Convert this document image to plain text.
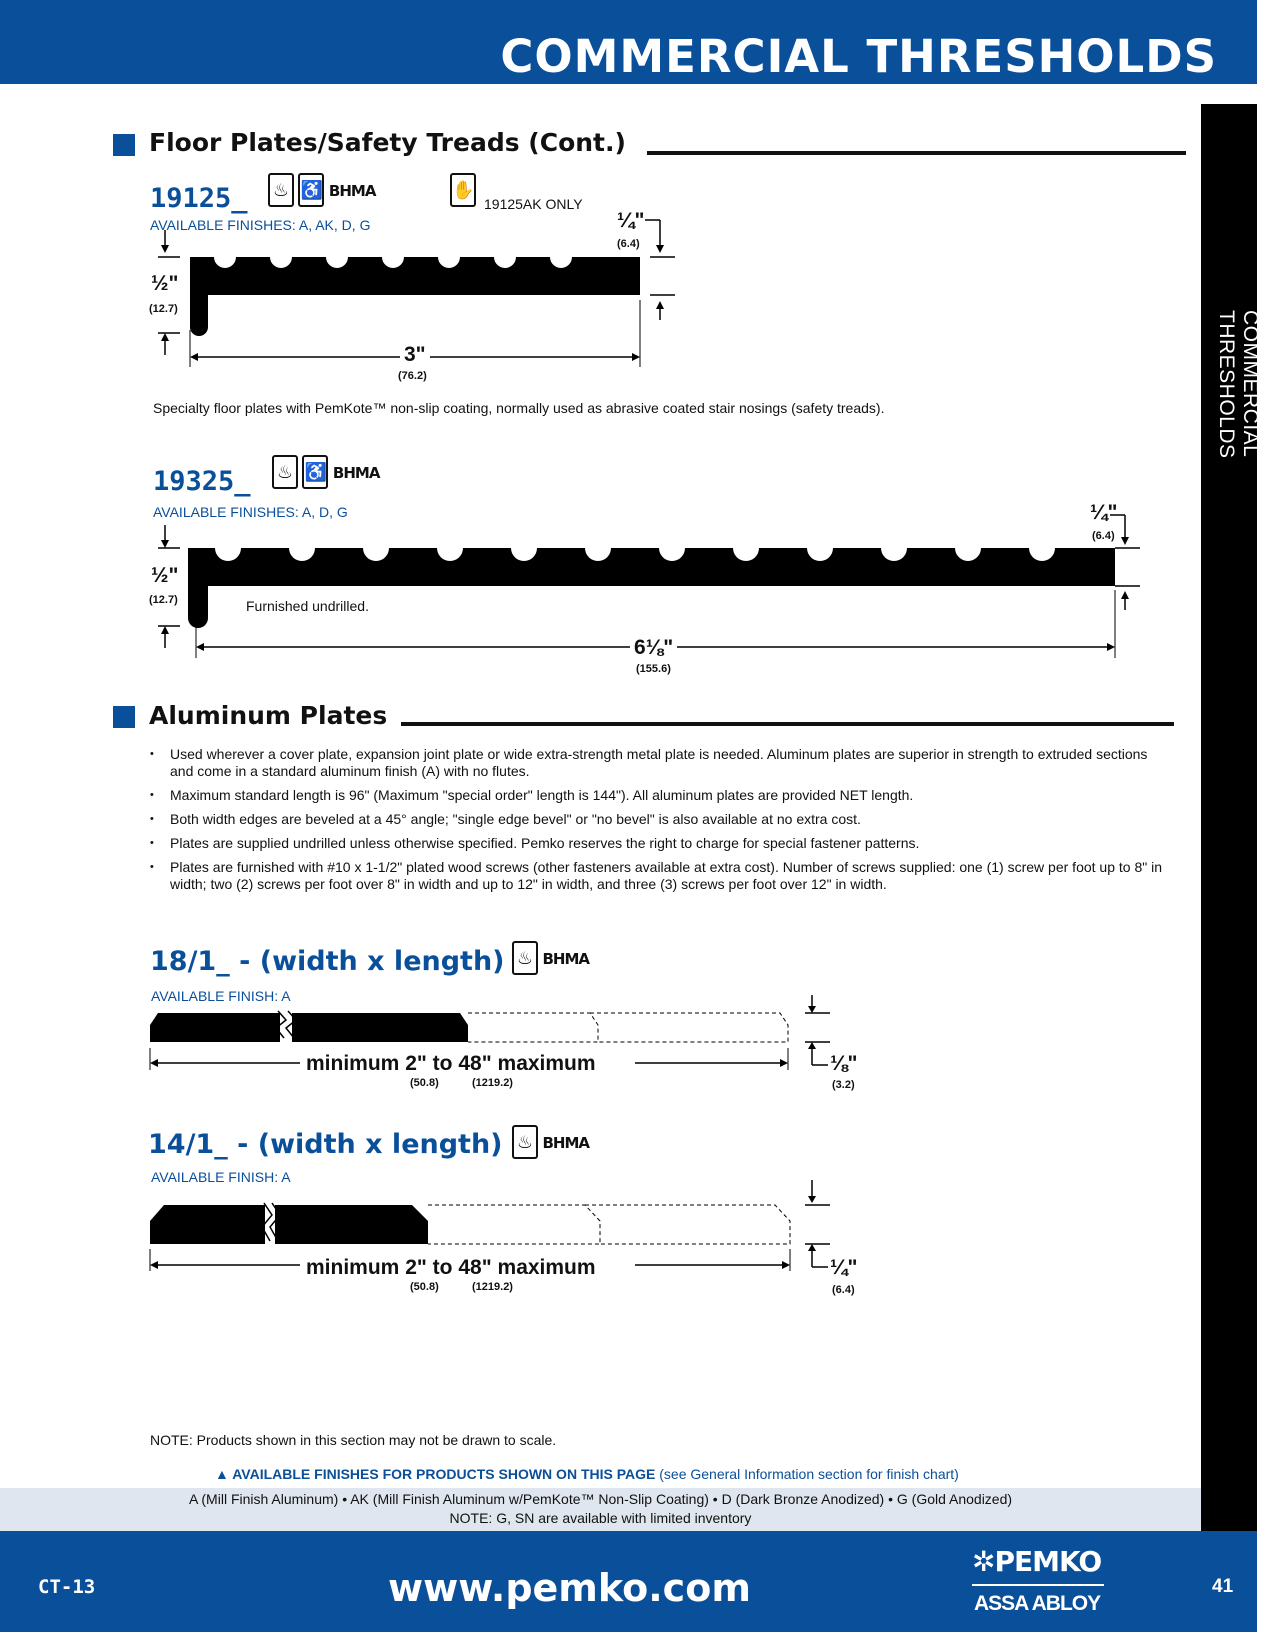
COMMERCIAL THRESHOLDS
COMMERCIAL THRESHOLDS
Floor Plates/Safety Treads (Cont.)
19125_ ♨ ♿ BHMA	✋
19125AK ONLY
AVAILABLE FINISHES: A, AK, D, G
½"
(12.7)
¼"
(6.4)
3"
(76.2)
Specialty floor plates with PemKote™ non-slip coating, normally used as abrasive coated stair nosings (safety treads).
19325_ ♨ ♿ BHMA
AVAILABLE FINISHES: A, D, G
½"
(12.7)
¼"
(6.4)
Furnished undrilled.
6⅛"
(155.6)
Aluminum Plates
• Used wherever a cover plate, expansion joint plate or wide extra-strength metal plate is needed. Aluminum plates are superior in strength to extruded sections and come in a standard aluminum finish (A) with no flutes.
• Maximum standard length is 96" (Maximum "special order" length is 144"). All aluminum plates are provided NET length.
• Both width edges are beveled at a 45° angle; "single edge bevel" or "no bevel" is also available at no extra cost.
• Plates are supplied undrilled unless otherwise specified. Pemko reserves the right to charge for special fastener patterns.
• Plates are furnished with #10 x 1-1/2" plated wood screws (other fasteners available at extra cost). Number of screws supplied: one (1) screw per foot up to 8" in width; two (2) screws per foot over 8" in width and up to 12" in width, and three (3) screws per foot over 12" in width.
18/1_ - (width x length) ♨ BHMA
AVAILABLE FINISH: A
minimum 2" to 48" maximum
(50.8)	(1219.2)
⅛"
(3.2)
14/1_ - (width x length) ♨ BHMA
AVAILABLE FINISH: A
minimum 2" to 48" maximum
(50.8)	(1219.2)
¼"
(6.4)
NOTE: Products shown in this section may not be drawn to scale.
▲ AVAILABLE FINISHES FOR PRODUCTS SHOWN ON THIS PAGE (see General Information section for finish chart)
A (Mill Finish Aluminum) • AK (Mill Finish Aluminum w/PemKote™ Non-Slip Coating) • D (Dark Bronze Anodized) • G (Gold Anodized)
NOTE: G, SN are available with limited inventory
CT-13	www.pemko.com
✲PEMKO
ASSA ABLOY
41
